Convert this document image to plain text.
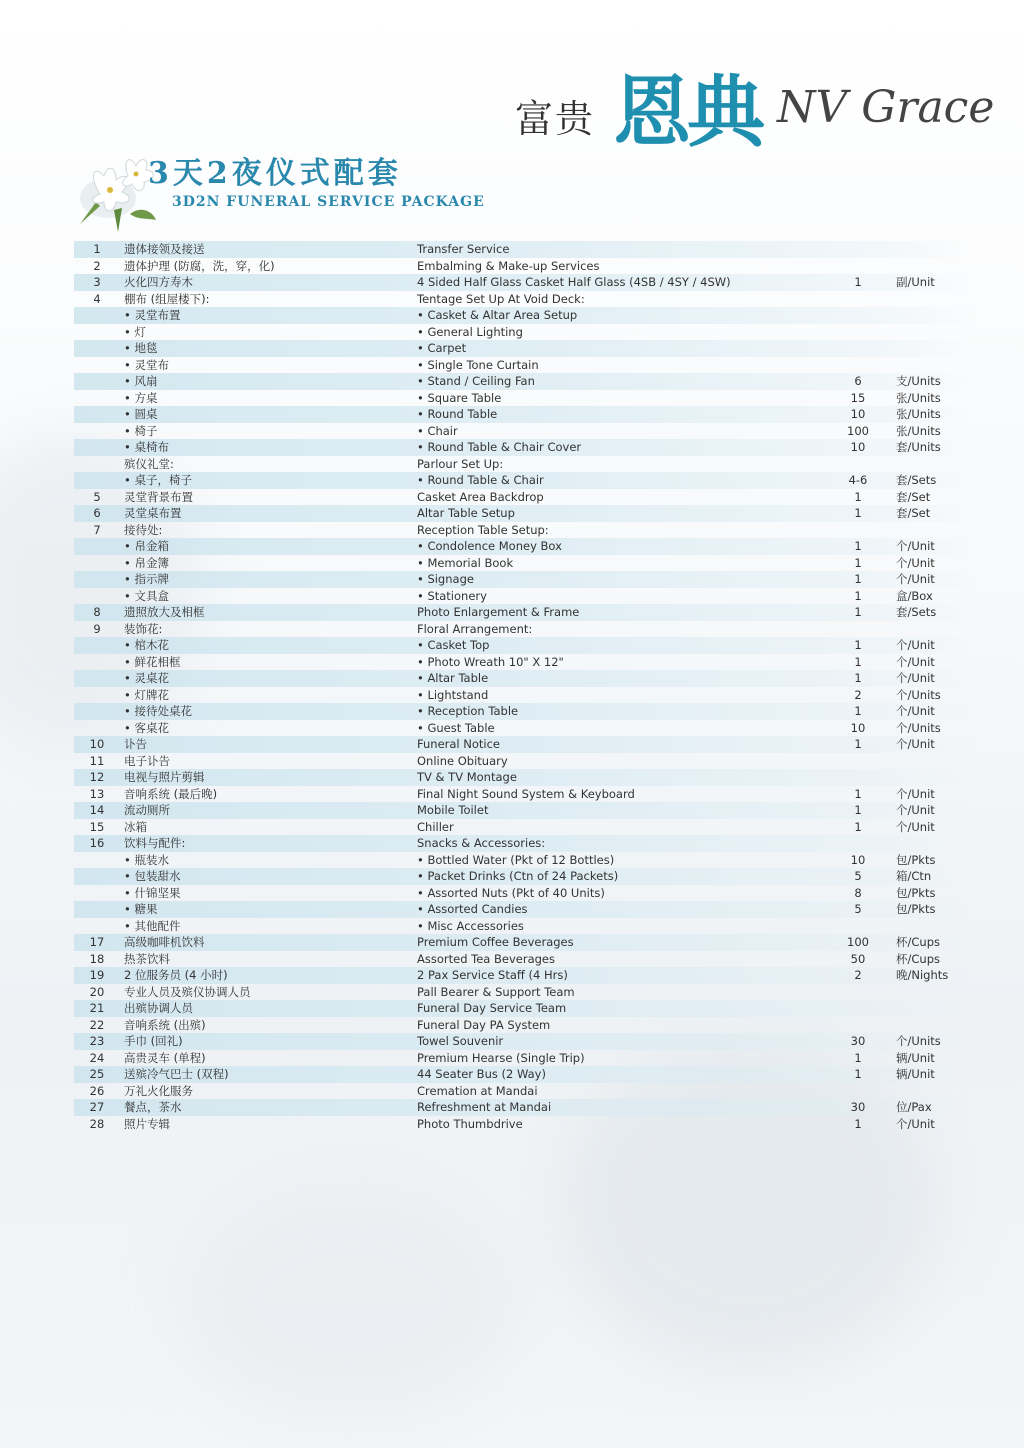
富贵 恩典 NV Grace
3天2夜仪式配套
3D2N FUNERAL SERVICE PACKAGE
1	遗体接领及接送	Transfer Service
2	遗体护理 (防腐，洗，穿，化)	Embalming & Make-up Services
3	火化四方寿木	4 Sided Half Glass Casket Half Glass (4SB / 4SY / 4SW)	1	副/Unit
4	棚布 (组屋楼下):	Tentage Set Up At Void Deck:
• 灵堂布置	• Casket & Altar Area Setup
• 灯	• General Lighting
• 地毯	• Carpet
• 灵堂布	• Single Tone Curtain
• 风扇	• Stand / Ceiling Fan	6	支/Units
• 方桌	• Square Table	15	张/Units
• 圆桌	• Round Table	10	张/Units
• 椅子	• Chair	100	张/Units
• 桌椅布	• Round Table & Chair Cover	10	套/Units
殡仪礼堂:	Parlour Set Up:
• 桌子，椅子	• Round Table & Chair	4-6	套/Sets
5	灵堂背景布置	Casket Area Backdrop	1	套/Set
6	灵堂桌布置	Altar Table Setup	1	套/Set
7	接待处:	Reception Table Setup:
• 帛金箱	• Condolence Money Box	1	个/Unit
• 帛金簿	• Memorial Book	1	个/Unit
• 指示牌	• Signage	1	个/Unit
• 文具盒	• Stationery	1	盒/Box
8	遗照放大及相框	Photo Enlargement & Frame	1	套/Sets
9	装饰花:	Floral Arrangement:
• 棺木花	• Casket Top	1	个/Unit
• 鲜花相框	• Photo Wreath 10" X 12"	1	个/Unit
• 灵桌花	• Altar Table	1	个/Unit
• 灯牌花	• Lightstand	2	个/Units
• 接待处桌花	• Reception Table	1	个/Unit
• 客桌花	• Guest Table	10	个/Units
10	讣告	Funeral Notice	1	个/Unit
11	电子讣告	Online Obituary
12	电视与照片剪辑	TV & TV Montage
13	音响系统 (最后晚)	Final Night Sound System & Keyboard	1	个/Unit
14	流动厕所	Mobile Toilet	1	个/Unit
15	冰箱	Chiller	1	个/Unit
16	饮料与配件:	Snacks & Accessories:
• 瓶装水	• Bottled Water (Pkt of 12 Bottles)	10	包/Pkts
• 包装甜水	• Packet Drinks (Ctn of 24 Packets)	5	箱/Ctn
• 什锦坚果	• Assorted Nuts (Pkt of 40 Units)	8	包/Pkts
• 糖果	• Assorted Candies	5	包/Pkts
• 其他配件	• Misc Accessories
17	高级咖啡机饮料	Premium Coffee Beverages	100	杯/Cups
18	热茶饮料	Assorted Tea Beverages	50	杯/Cups
19	2 位服务员 (4 小时)	2 Pax Service Staff (4 Hrs)	2	晚/Nights
20	专业人员及殡仪协调人员	Pall Bearer & Support Team
21	出殡协调人员	Funeral Day Service Team
22	音响系统 (出殡)	Funeral Day PA System
23	手巾 (回礼)	Towel Souvenir	30	个/Units
24	高贵灵车 (单程)	Premium Hearse (Single Trip)	1	辆/Unit
25	送殡冷气巴士 (双程)	44 Seater Bus (2 Way)	1	辆/Unit
26	万礼火化服务	Cremation at Mandai
27	餐点，茶水	Refreshment at Mandai	30	位/Pax
28	照片专辑	Photo Thumbdrive	1	个/Unit
